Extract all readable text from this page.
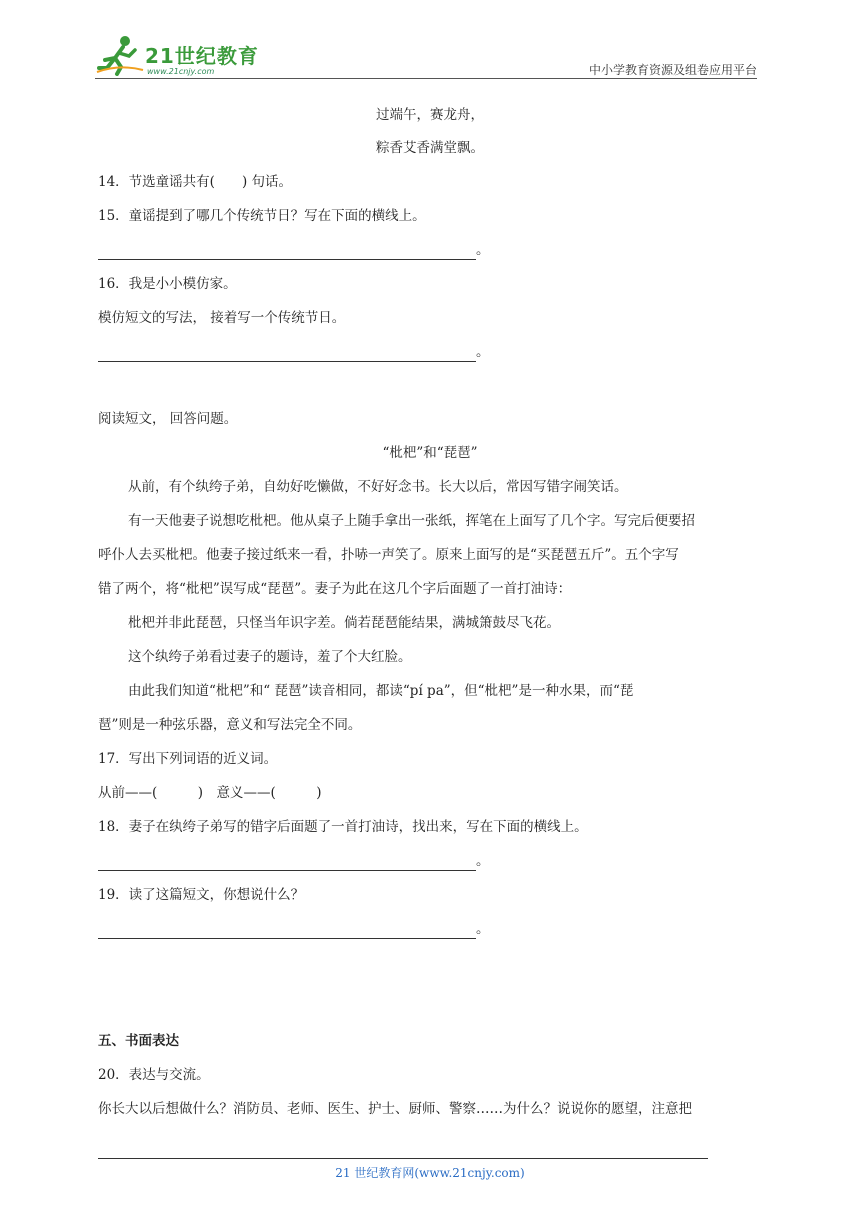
21世纪教育
www.21cnjy.com	中小学教育资源及组卷应用平台
过端午，赛龙舟，
粽香艾香满堂飘。
14．节选童谣共有(　　) 句话。
15．童谣提到了哪几个传统节日？写在下面的横线上。
。
16．我是小小模仿家。
模仿短文的写法， 接着写一个传统节日。
。
阅读短文， 回答问题。
“枇杷”和“琵琶”
从前，有个纨绔子弟，自幼好吃懒做，不好好念书。长大以后，常因写错字闹笑话。
有一天他妻子说想吃枇杷。他从桌子上随手拿出一张纸，挥笔在上面写了几个字。写完后便要招
呼仆人去买枇杷。他妻子接过纸来一看，扑哧一声笑了。原来上面写的是“买琵琶五斤”。五个字写
错了两个，将“枇杷”误写成“琵琶”。妻子为此在这几个字后面题了一首打油诗：
枇杷并非此琵琶，只怪当年识字差。倘若琵琶能结果，满城箫鼓尽飞花。
这个纨绔子弟看过妻子的题诗，羞了个大红脸。
由此我们知道“枇杷”和“ 琵琶”读音相同，都读“pí pa”，但“枇杷”是一种水果，而“琵
琶”则是一种弦乐器，意义和写法完全不同。
17．写出下列词语的近义词。
从前——(　　　)　意义——(　　　)
18．妻子在纨绔子弟写的错字后面题了一首打油诗，找出来，写在下面的横线上。
。
19．读了这篇短文，你想说什么？
。
五、书面表达
20．表达与交流。
你长大以后想做什么？消防员、老师、医生、护士、厨师、警察……为什么？说说你的愿望，注意把
21 世纪教育网(www.21cnjy.com)
